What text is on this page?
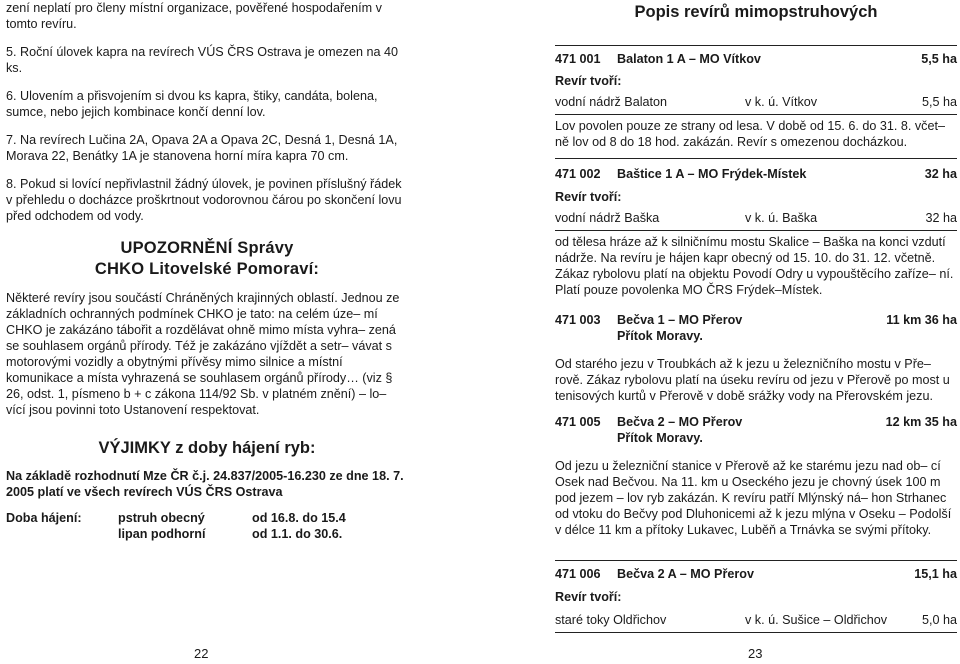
zení neplatí pro členy místní organizace, pověřené hospodařením v tomto revíru.

5. Roční úlovek kapra na revírech VÚS ČRS Ostrava je omezen na 40 ks.

6. Ulovením a přisvojením si dvou ks kapra, štiky, candáta, bolena, sumce, nebo jejich kombinace končí denní lov.

7. Na revírech Lučina 2A, Opava 2A a Opava 2C, Desná 1, Desná 1A, Morava 22, Benátky 1A je stanovena horní míra kapra 70 cm.

8. Pokud si lovící nepřivlastnil žádný úlovek, je povinen příslušný řádek v přehledu o docházce proškrtnout vodorovnou čárou po skončení lovu před odchodem od vody.

UPOZORNĚNÍ Správy

CHKO Litovelské Pomoraví:

Některé revíry jsou součástí Chráněných krajinných oblastí. Jednou ze základních ochranných podmínek CHKO je tato: na celém úze– mí CHKO je zakázáno tábořit a rozdělávat ohně mimo místa vyhra– zená se souhlasem orgánů přírody. Též je zakázáno vjíždět a setr– vávat s motorovými vozidly a obytnými přívěsy mimo silnice a místní komunikace a místa vyhrazená se souhlasem orgánů přírody… (viz § 26, odst. 1, písmeno b + c zákona 114/92 Sb. v platném znění) – lo– vící jsou povinni toto Ustanovení respektovat.

VÝJIMKY z doby hájení ryb:

Na základě rozhodnutí Mze ČR č.j. 24.837/2005-16.230 ze dne 18. 7. 2005 platí ve všech revírech VÚS ČRS Ostrava

Doba hájení:	pstruh obecný	od 16.8. do 15.4
lipan podhorní	od 1.1. do 30.6.
22

Popis revírů mimopstruhových

471 001	Balaton 1 A – MO Vítkov	5,5 ha
Revír tvoří:
vodní nádrž Balaton	v k. ú. Vítkov	5,5 ha

Lov povolen pouze ze strany od lesa. V době od 15. 6. do 31. 8. včet– ně lov od 8 do 18 hod. zakázán. Revír s omezenou docházkou.

471 002	Baštice 1 A – MO Frýdek-Místek	32 ha
Revír tvoří:
vodní nádrž Baška	v k. ú. Baška	32 ha

od tělesa hráze až k silničnímu mostu Skalice – Baška na konci vzdutí nádrže. Na revíru je hájen kapr obecný od 15. 10. do 31. 12. včetně. Zákaz rybolovu platí na objektu Povodí Odry u vypouštěcího zaříze– ní. Platí pouze povolenka MO ČRS Frýdek–Místek.

471 003	Bečva 1 – MO Přerov	11 km 36 ha
Přítok Moravy.

Od starého jezu v Troubkách až k jezu u železničního mostu v Pře– rově. Zákaz rybolovu platí na úseku revíru od jezu v Přerově po most u tenisových kurtů v Přerově v době srážky vody na Přerovském jezu.

471 005	Bečva 2 – MO Přerov	12 km 35 ha
Přítok Moravy.

Od jezu u železniční stanice v Přerově až ke starému jezu nad ob– cí Osek nad Bečvou. Na 11. km u Oseckého jezu je chovný úsek 100 m pod jezem – lov ryb zakázán. K revíru patří Mlýnský ná– hon Strhanec od vtoku do Bečvy pod Dluhonicemi až k jezu mlýna v Oseku – Podolší v délce 11 km a přítoky Lukavec, Luběň a Trnávka se svými přítoky.

471 006	Bečva 2 A – MO Přerov	15,1 ha
Revír tvoří:
staré toky Oldřichov	v k. ú. Sušice – Oldřichov	5,0 ha
23
